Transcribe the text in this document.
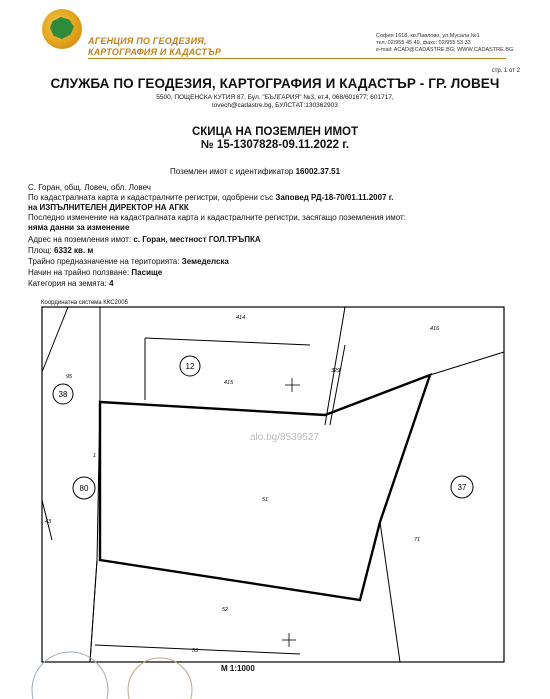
АГЕНЦИЯ ПО ГЕОДЕЗИЯ,
КАРТОГРАФИЯ И КАДАСТЪР
София 1618, кв.Павлово, ул.Мусала №1
тел.:02/955 45 49, факс: 02/955 53 33
e-mail: ACAD@CADASTRE.BG; WWW.CADASTRE.BG
стр. 1 от 2
СЛУЖБА ПО ГЕОДЕЗИЯ, КАРТОГРАФИЯ И КАДАСТЪР - ГР. ЛОВЕЧ
5500, ПОЩЕНСКА КУТИЯ 87, Бул. "БЪЛГАРИЯ" №3, ет.4, 068/601677; 601717,
lovech@cadastre.bg, БУЛСТАТ:130362903
СКИЦА НА ПОЗЕМЛЕН ИМОТ
№ 15-1307828-09.11.2022 г.
Поземлен имот с идентификатор 16002.37.51
С. Горан, общ. Ловеч, обл. Ловеч
По кадастралната карта и кадастралните регистри, одобрени със Заповед РД-18-70/01.11.2007 г.
на ИЗПЪЛНИТЕЛЕН ДИРЕКТОР НА АГКК
Последно изменение на кадастралната карта и кадастралните регистри, засягащо поземления имот:
няма данни за изменение
Адрес на поземления имот: с. Горан, местност ГОЛ.ТРЪПКА
Площ: 6332 кв. м
Трайно предназначение на територията: Земеделска
Начин на трайно ползване: Пасище
Категория на земята: 4
Координатна система ККС2005
414
416
415
329
95
1
43
51
71
52
53
12
38
80	37
alo.bg/8539527
М 1:1000
